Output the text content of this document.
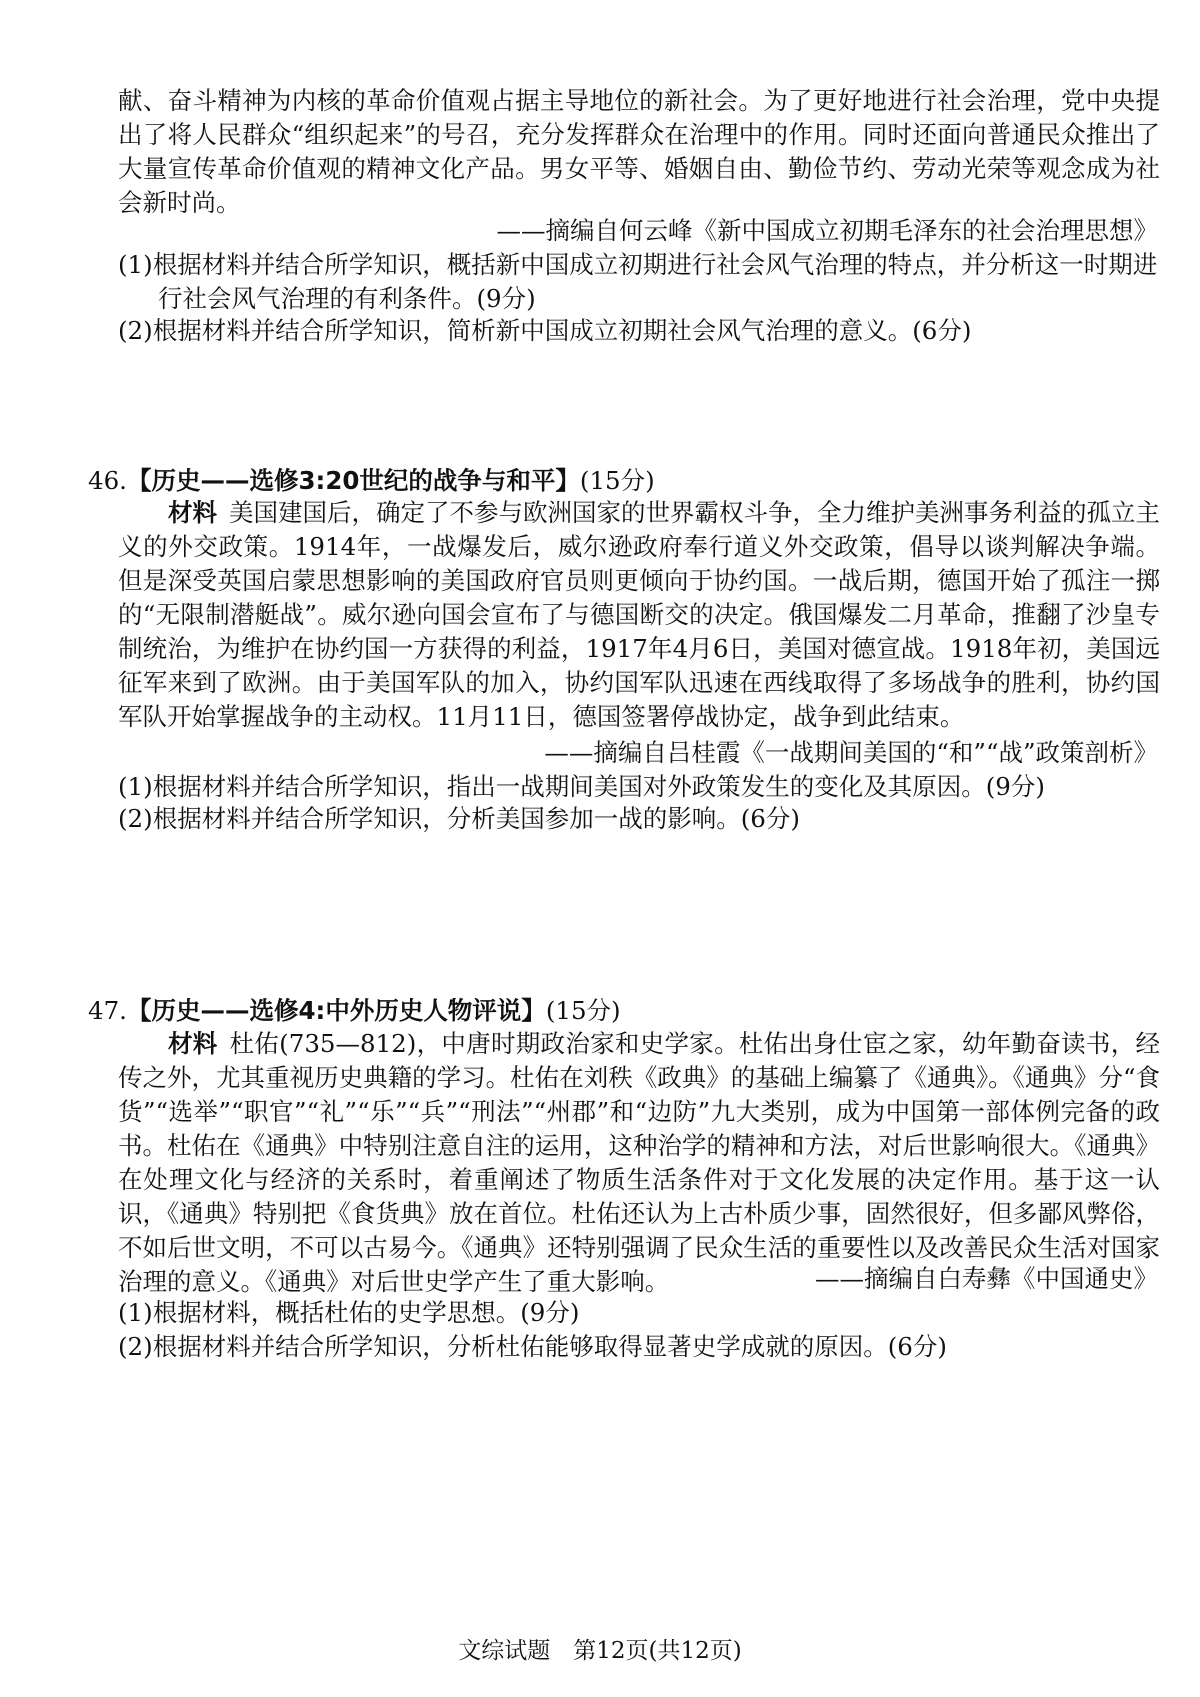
献、奋斗精神为内核的革命价值观占据主导地位的新社会。为了更好地进行社会治理，党中央提出了将人民群众“组织起来”的号召，充分发挥群众在治理中的作用。同时还面向普通民众推出了大量宣传革命价值观的精神文化产品。男女平等、婚姻自由、勤俭节约、劳动光荣等观念成为社会新时尚。
——摘编自何云峰《新中国成立初期毛泽东的社会治理思想》
(1)根据材料并结合所学知识，概括新中国成立初期进行社会风气治理的特点，并分析这一时期进行社会风气治理的有利条件。(9分)
(2)根据材料并结合所学知识，简析新中国成立初期社会风气治理的意义。(6分)
46.【历史——选修3:20世纪的战争与和平】(15分)
材料 美国建国后，确定了不参与欧洲国家的世界霸权斗争，全力维护美洲事务利益的孤立主义的外交政策。1914年，一战爆发后，威尔逊政府奉行道义外交政策，倡导以谈判解决争端。但是深受英国启蒙思想影响的美国政府官员则更倾向于协约国。一战后期，德国开始了孤注一掷的“无限制潜艇战”。威尔逊向国会宣布了与德国断交的决定。俄国爆发二月革命，推翻了沙皇专制统治，为维护在协约国一方获得的利益，1917年4月6日，美国对德宣战。1918年初，美国远征军来到了欧洲。由于美国军队的加入，协约国军队迅速在西线取得了多场战争的胜利，协约国军队开始掌握战争的主动权。11月11日，德国签署停战协定，战争到此结束。
——摘编自吕桂霞《一战期间美国的“和”“战”政策剖析》
(1)根据材料并结合所学知识，指出一战期间美国对外政策发生的变化及其原因。(9分)
(2)根据材料并结合所学知识，分析美国参加一战的影响。(6分)
47.【历史——选修4:中外历史人物评说】(15分)
材料 杜佑(735—812)，中唐时期政治家和史学家。杜佑出身仕宦之家，幼年勤奋读书，经传之外，尤其重视历史典籍的学习。杜佑在刘秩《政典》的基础上编纂了《通典》。《通典》分“食货”“选举”“职官”“礼”“乐”“兵”“刑法”“州郡”和“边防”九大类别，成为中国第一部体例完备的政书。杜佑在《通典》中特别注意自注的运用，这种治学的精神和方法，对后世影响很大。《通典》在处理文化与经济的关系时，着重阐述了物质生活条件对于文化发展的决定作用。基于这一认识，《通典》特别把《食货典》放在首位。杜佑还认为上古朴质少事，固然很好，但多鄙风弊俗，不如后世文明，不可以古易今。《通典》还特别强调了民众生活的重要性以及改善民众生活对国家治理的意义。《通典》对后世史学产生了重大影响。	——摘编自白寿彝《中国通史》
(1)根据材料，概括杜佑的史学思想。(9分)
(2)根据材料并结合所学知识，分析杜佑能够取得显著史学成就的原因。(6分)
文综试题　第12页(共12页)
